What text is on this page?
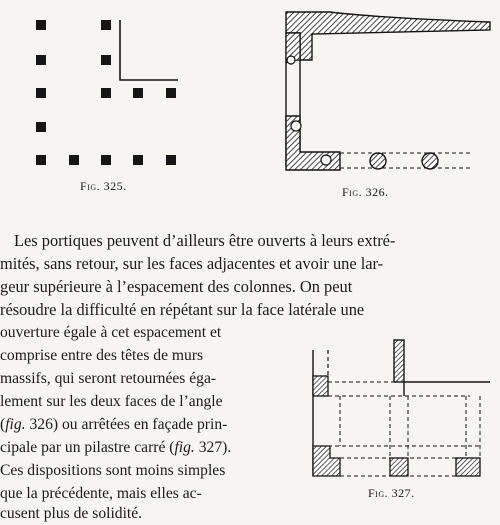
Fig. 325.	Fig. 326.
Fig. 327.
Les portiques peuvent d’ailleurs être ouverts à leurs extré-
mités, sans retour, sur les faces adjacentes et avoir une lar-
geur supérieure à l’espacement des colonnes. On peut
résoudre la difficulté en répétant sur la face latérale une
ouverture égale à cet espacement et
comprise entre des têtes de murs
massifs, qui seront retournées éga-
lement sur les deux faces de l’angle
(fig. 326) ou arrêtées en façade prin-
cipale par un pilastre carré (fig. 327).
Ces dispositions sont moins simples
que la précédente, mais elles ac-
cusent plus de solidité.
